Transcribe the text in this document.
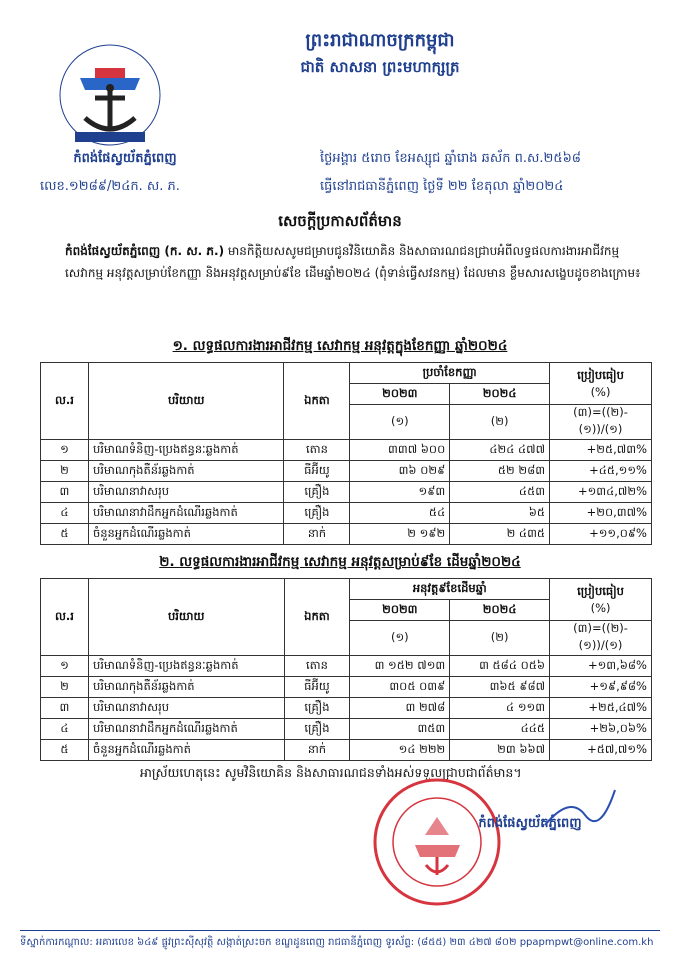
ព្រះរាជាណាចក្រកម្ពុជា
ជាតិ សាសនា ព្រះមហាក្សត្រ
កំពង់ផែស្វយ័តភ្នំពេញ
លេខ.១២៨៩/២៤ក. ស. ភ.
ថ្ងៃអង្គារ ៥រោច ខែអស្សុជ ឆ្នាំរោង ឆស័ក ព.ស.២៥៦៨
ធ្វើនៅរាជធានីភ្នំពេញ ថ្ងៃទី ២២ ខែតុលា ឆ្នាំ២០២៤
សេចក្តីប្រកាសព័ត៌មាន
កំពង់ផែស្វយ័តភ្នំពេញ (ក. ស. ភ.) មានកិត្តិយសសូមជម្រាបជូនវិនិយោគិន និងសាធារណជនជ្រាបអំពីលទ្ធផលការងារអាជីវកម្ម សេវាកម្ម អនុវត្តសម្រាប់ខែកញ្ញា និងអនុវត្តសម្រាប់៩ខែ ដើមឆ្នាំ២០២៤ (ពុំទាន់ធ្វើសវនកម្ម) ដែលមាន ខ្លឹមសារសង្ខេបដូចខាងក្រោម៖
១. លទ្ធផលការងារអាជីវកម្ម សេវាកម្ម អនុវត្តក្នុងខែកញ្ញា ឆ្នាំ២០២៤
ល.រ	បរិយាយ	ឯកតា	ប្រចាំខែកញ្ញា		ប្រៀបធៀប
(%)
			២០២៣	២០២៤	
			(១)	(២)	(៣)=((២)-(១))/(១)
១	បរិមាណទំនិញ-ប្រេងឥន្ធនៈឆ្លងកាត់	តោន	៣៣៧ ៦០០	៤២៤ ៤៧៧	+២៥,៧៣%
២	បរិមាណកុងតឺន័រឆ្លងកាត់	ធីអ៊ីយូ	៣៦ ០២៩	៥២ ២៨៣	+៤៥,១១%
៣	បរិមាណនាវាសរុប	គ្រឿង	១៩៣	៤៥៣	+១៣៤,៧២%
៤	បរិមាណនាវាដឹកអ្នកដំណើរឆ្លងកាត់	គ្រឿង	៥៤	៦៥	+២០,៣៧%
៥	ចំនួនអ្នកដំណើរឆ្លងកាត់	នាក់	២ ១៩២	២ ៤៣៥	+១១,០៩%
២. លទ្ធផលការងារអាជីវកម្ម សេវាកម្ម អនុវត្តសម្រាប់៩ខែ ដើមឆ្នាំ២០២៤
ល.រ	បរិយាយ	ឯកតា	អនុវត្ត៩ខែដើមឆ្នាំ		ប្រៀបធៀប
(%)
			២០២៣	២០២៤	
			(១)	(២)	(៣)=((២)-(១))/(១)
១	បរិមាណទំនិញ-ប្រេងឥន្ធនៈឆ្លងកាត់	តោន	៣ ១៥២ ៧១៣	៣ ៥៨៤ ០៥៦	+១៣,៦៨%
២	បរិមាណកុងតឺន័រឆ្លងកាត់	ធីអ៊ីយូ	៣០៥ ០៣៩	៣៦៥ ៩៨៧	+១៩,៩៨%
៣	បរិមាណនាវាសរុប	គ្រឿង	៣ ២៧៨	៤ ១១៣	+២៥,៤៧%
៤	បរិមាណនាវាដឹកអ្នកដំណើរឆ្លងកាត់	គ្រឿង	៣៥៣	៤៤៥	+២៦,០៦%
៥	ចំនួនអ្នកដំណើរឆ្លងកាត់	នាក់	១៤ ២២២	២៣ ៦៦៧	+៥៧,៧១%
អាស្រ័យហេតុនេះ សូមវិនិយោគិន និងសាធារណជនទាំងអស់ទទួលជ្រាបជាព័ត៌មាន។
កំពង់ផែស្វយ័តភ្នំពេញ
ទីស្នាក់ការកណ្តាល: អគារលេខ ៦៤៩ ផ្លូវព្រះស៊ីសុវត្ថិ សង្កាត់ស្រះចក ខណ្ឌដូនពេញ រាជធានីភ្នំពេញ ទូរស័ព្ទ: (៨៥៥) ២៣ ៤២៧ ៨០២ ppapmpwt@online.com.kh
